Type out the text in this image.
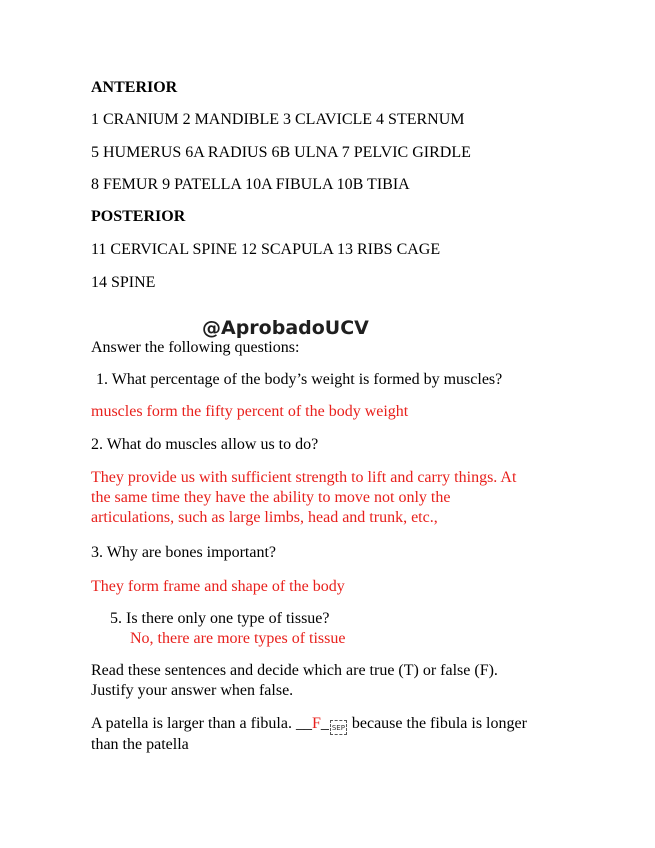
ANTERIOR

1 CRANIUM 2 MANDIBLE 3 CLAVICLE 4 STERNUM

5 HUMERUS 6A RADIUS 6B ULNA 7 PELVIC GIRDLE

8 FEMUR 9 PATELLA 10A FIBULA 10B TIBIA

POSTERIOR

11 CERVICAL SPINE 12 SCAPULA 13 RIBS CAGE

14 SPINE

@AprobadoUCV

Answer the following questions:

1. What percentage of the body’s weight is formed by muscles?

muscles form the fifty percent of the body weight

2. What do muscles allow us to do?

They provide us with sufficient strength to lift and carry things. At

the same time they have the ability to move not only the

articulations, such as large limbs, head and trunk, etc.,

3. Why are bones important?

They form frame and shape of the body

5. Is there only one type of tissue?

No, there are more types of tissue

Read these sentences and decide which are true (T) or false (F).

Justify your answer when false.

A patella is larger than a fibula. __F_ SEP because the fibula is longer

than the patella
